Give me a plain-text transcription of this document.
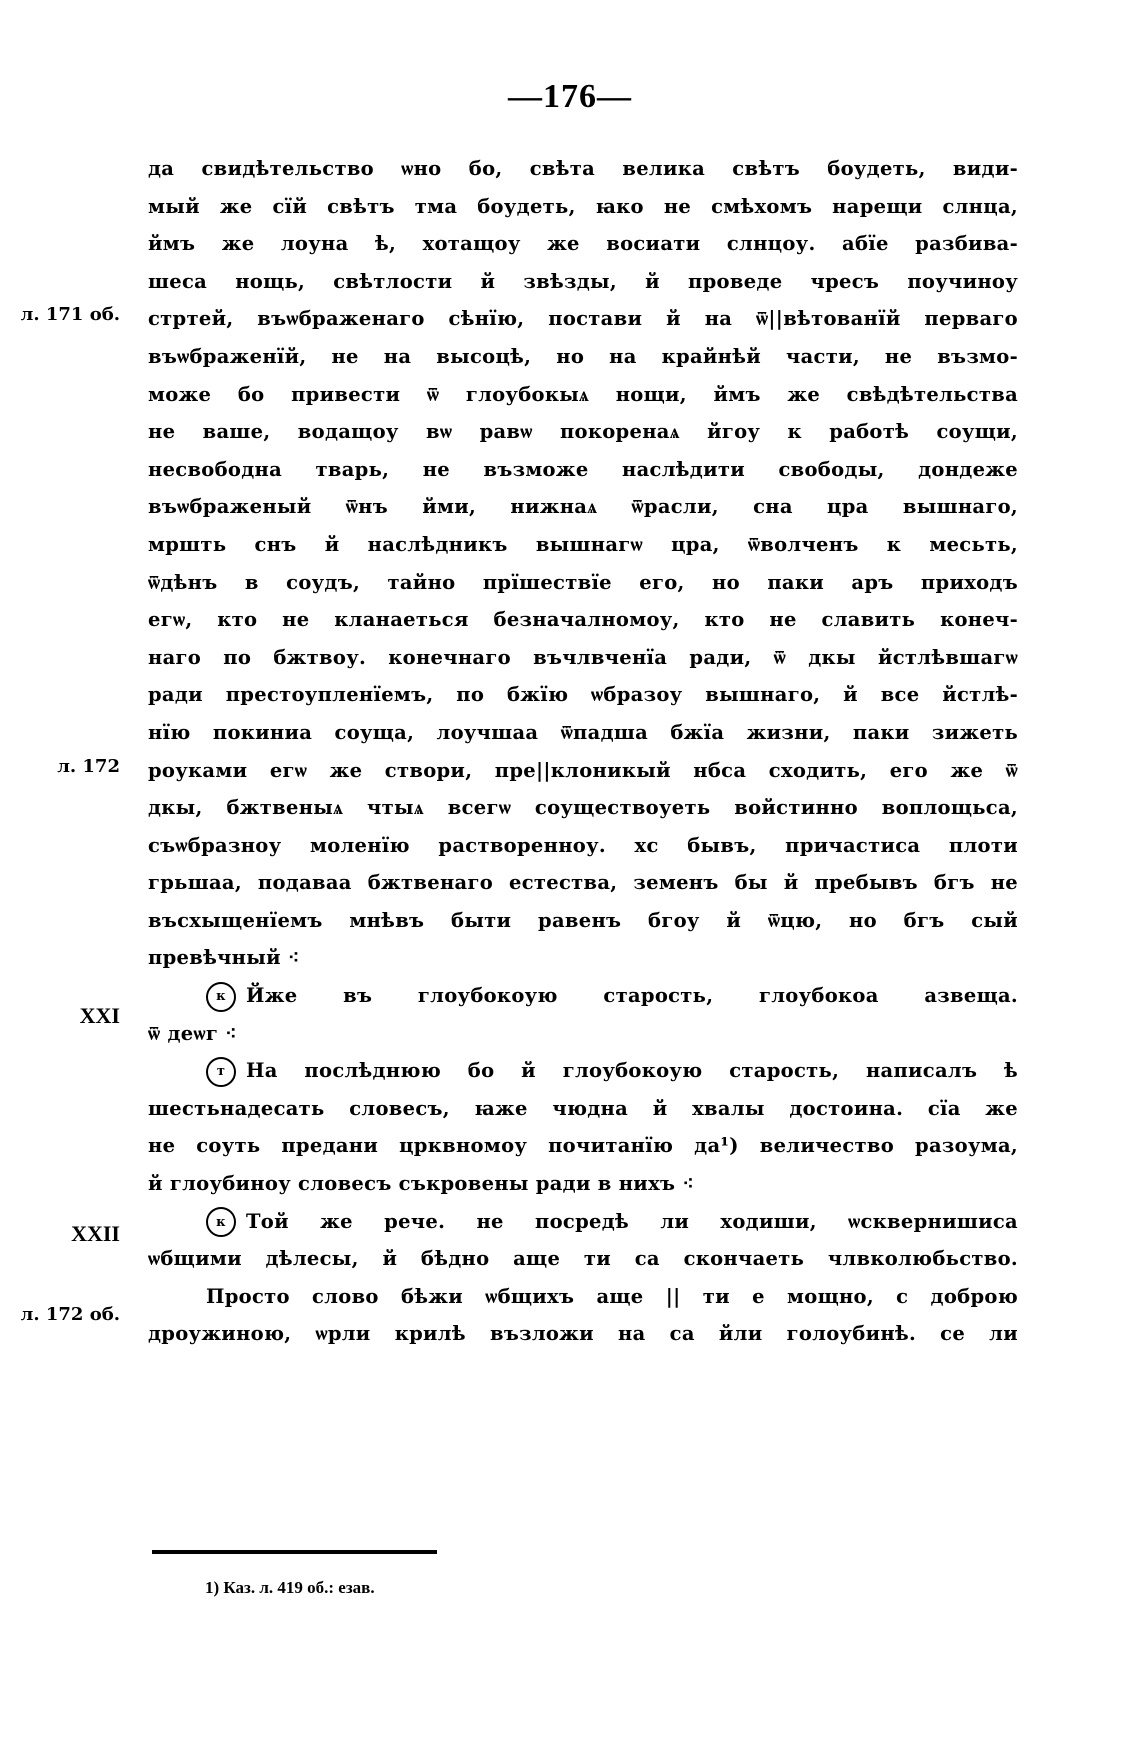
—176—
л. 171 об.
л. 172
XXI
XXII
л. 172 об.
да свидѣтельство ѡно бо, свѣта велика свѣтъ боудеть, види-
мый же сїй свѣтъ тма боудеть, ꙗко не смѣхомъ нарещи слнца,
ймъ же лоуна ѣ, хотащоу же восиати слнцоу. абїе разбива-
шеса нощь, свѣтлости й звѣзды, й проведе чресъ поучиноу
стртей, въѡбраженаго сѣнїю, постави й на ѿ||вѣтованїй перваго
въѡбраженїй, не на высоцѣ, но на крайнѣй части, не възмо-
може бо привести ѿ глоубокыѧ нощи, ймъ же свѣдѣтельства
не ваше, водащоу вѡ равѡ покоренаѧ йгоу к работѣ соущи,
несвободна тварь, не възможе наслѣдити свободы, дондеже
въѡбраженый ѿнъ йми, нижнаѧ ѿрасли, сна цра вышнаго,
мршть снъ й наслѣдникъ вышнагѡ цра, ѿволченъ к месьть,
ѿдѣнъ в соудъ, тайно прїшествїе его, но паки аръ приходъ
егѡ, кто не кланаеться безначалномоу, кто не славить конеч-
наго по бжтвоу. конечнаго въчлвченїа ради, ѿ дкы йстлѣвшагѡ
ради престоупленїемъ, по бжїю ѡбразоу вышнаго, й все йстлѣ-
нїю покиниа соуща, лоучшаа ѿпадша бжїа жизни, паки зижеть
роуками егѡ же створи, пре||клоникый нбса сходить, его же ѿ
дкы, бжтвеныѧ чтыѧ всегѡ соуществоуеть войстинно воплощьса,
съѡбразноу моленїю растворенноу. хс бывъ, причастиса плоти
грьшаа, подаваа бжтвенаго естества, земенъ бы й пребывъ бгъ не
въсхыщенїемъ мнѣвъ быти равенъ бгоу й ѿцю, но бгъ сый
превѣчный ⁖
к Йже въ глоубокоую старость, глоубокоа азвеща.
ѿ деѡг ⁖
т На послѣднюю бо й глоубокоую старость, написалъ ѣ
шестьнадесать словесъ, ꙗже чюдна й хвалы достоина. сїа же
не соуть предани црквномоу почитанїю да¹) величество разоума,
й глоубиноу словесъ съкровены ради в нихъ ⁖
к Той же рече. не посредѣ ли ходиши, ѡсквернишиса
ѡбщими дѣлесы, й бѣдно аще ти са скончаеть члвколюбьство.
Просто слово бѣжи ѡбщихъ аще || ти е мощно, с доброю
дроужиною, ѡрли крилѣ възложи на са йли голоубинѣ. се ли
1) Каз. л. 419 об.: езав.
